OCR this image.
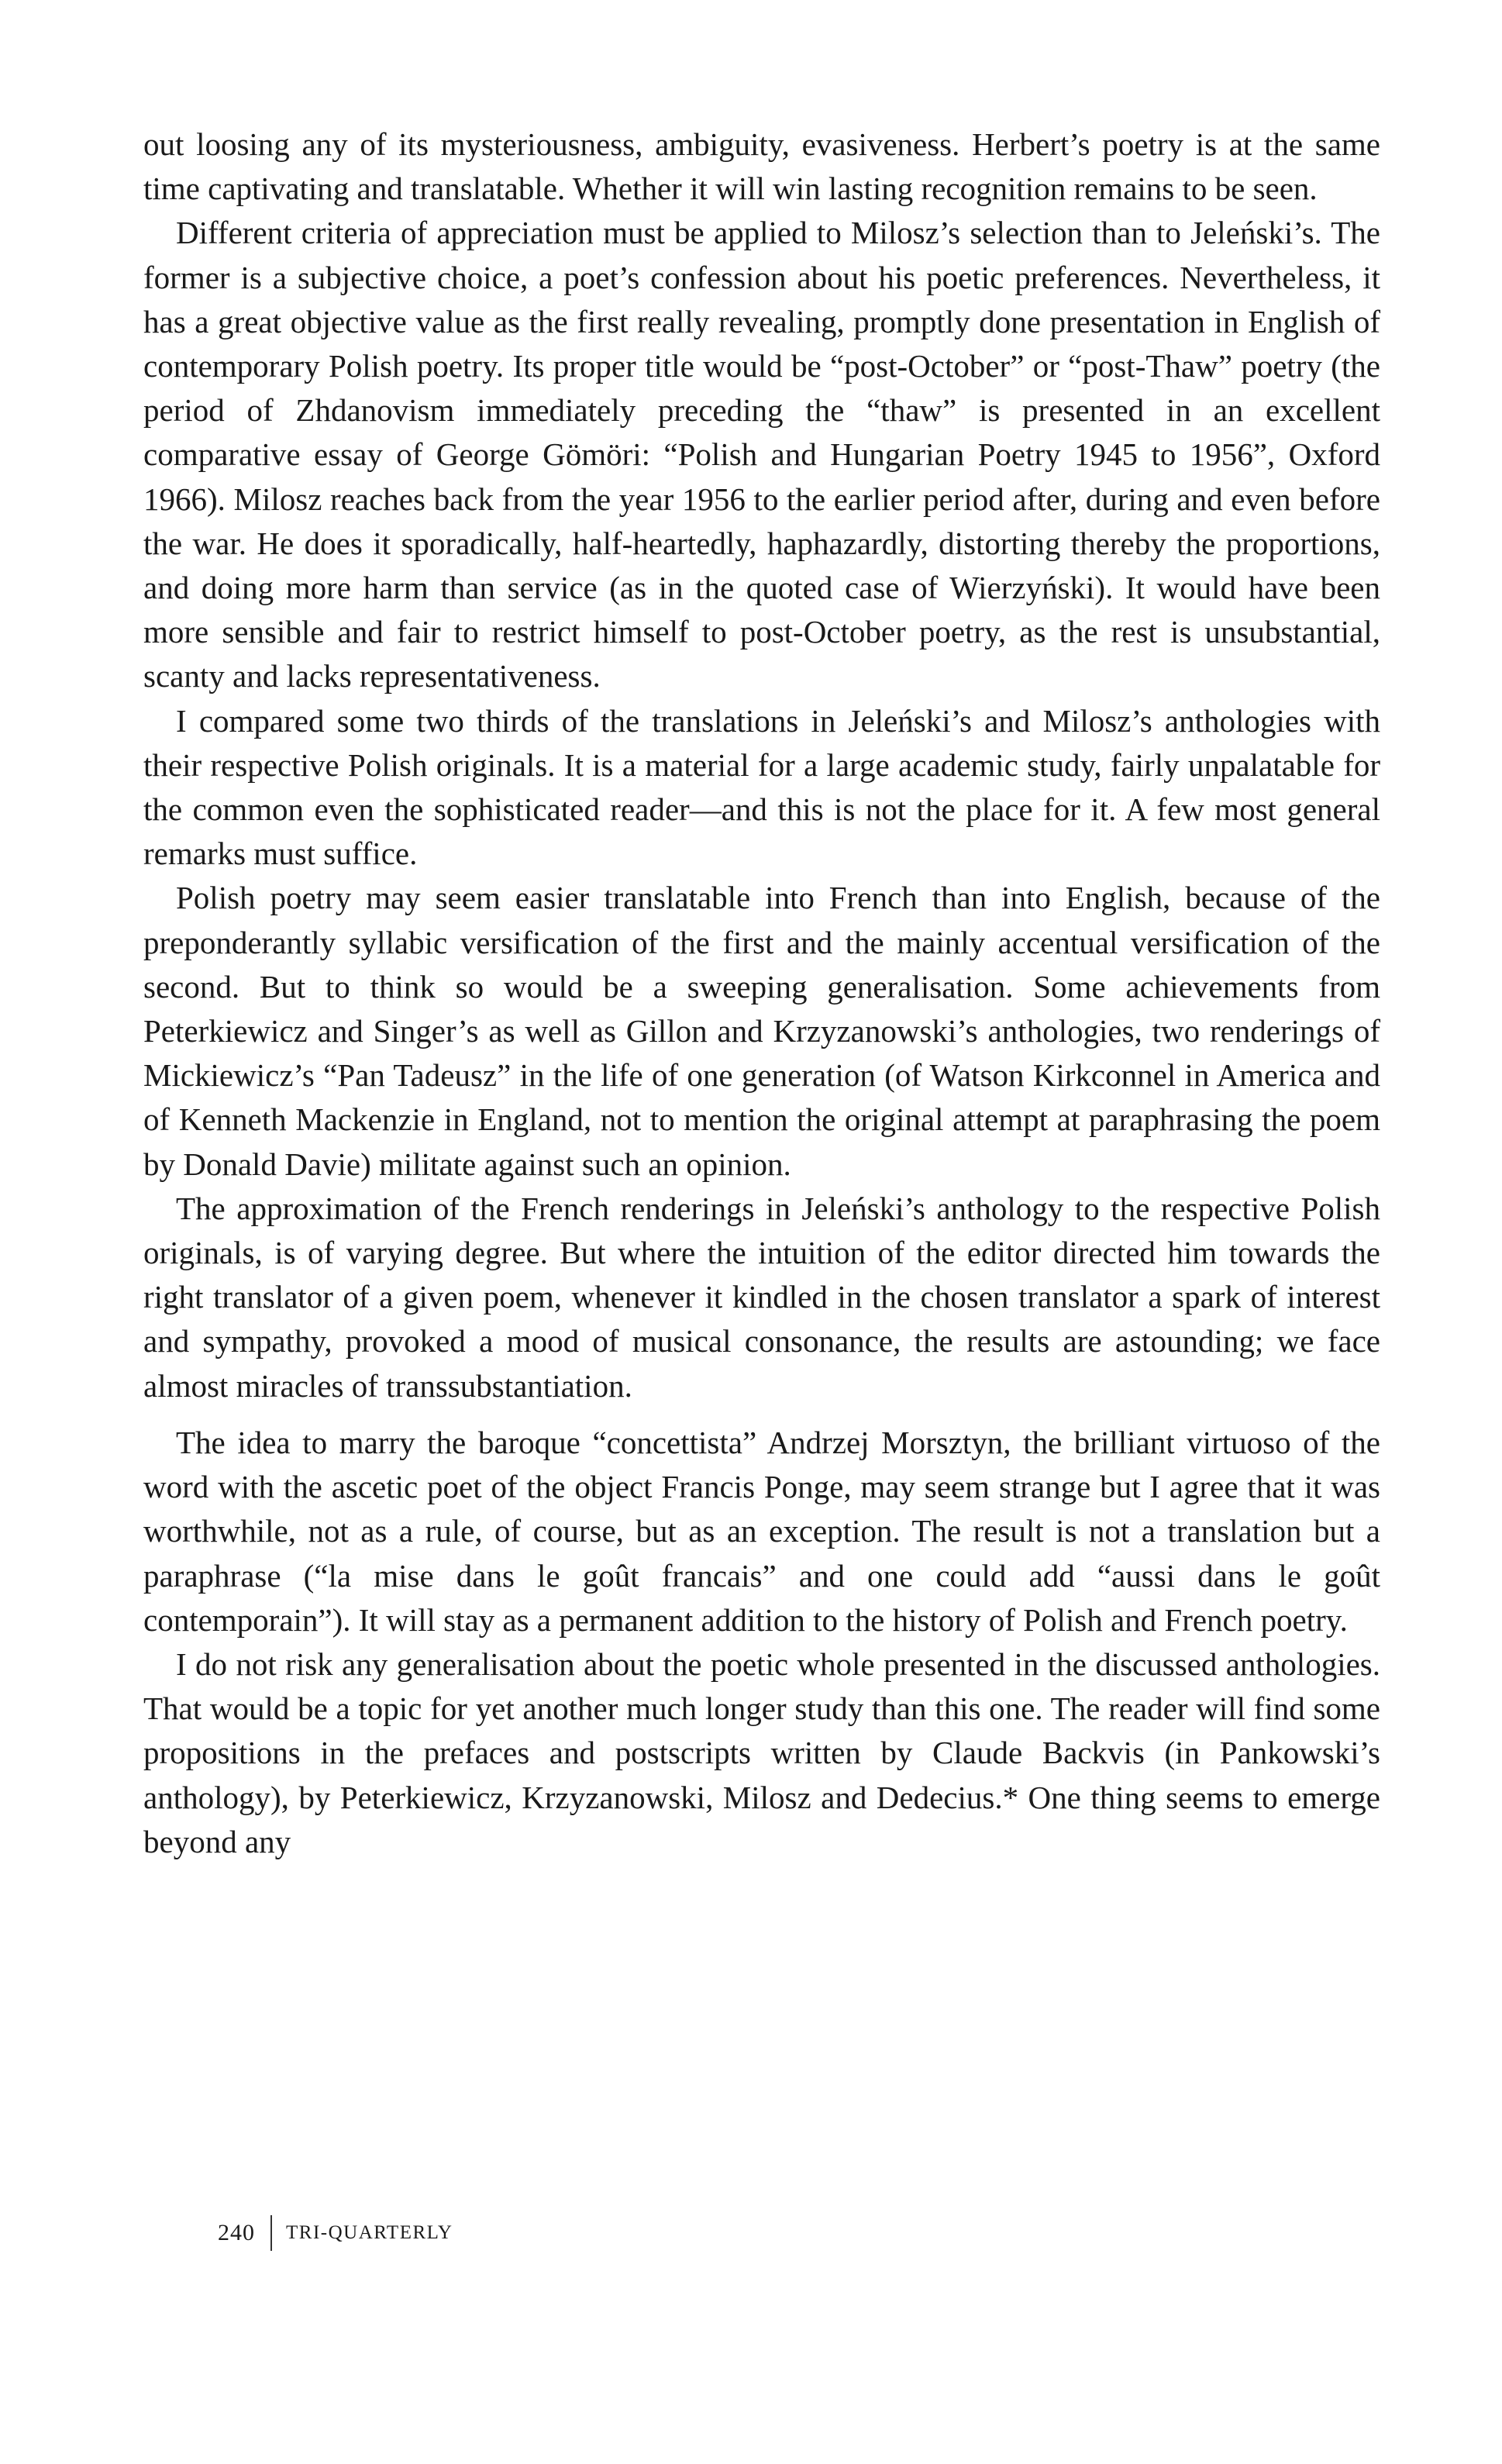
out loosing any of its mysteriousness, ambiguity, evasiveness. Herbert’s poetry is at the same time captivating and translatable. Whether it will win lasting recognition remains to be seen.

Different criteria of appreciation must be applied to Milosz’s selection than to Jeleński’s. The former is a subjective choice, a poet’s confession about his poetic preferences. Nevertheless, it has a great objective value as the first really revealing, promptly done presentation in English of contemporary Polish poetry. Its proper title would be “post-October” or “post-Thaw” poetry (the period of Zhdanovism immediately preceding the “thaw” is presented in an excellent comparative essay of George Gömöri: “Polish and Hungarian Poetry 1945 to 1956”, Oxford 1966). Milosz reaches back from the year 1956 to the earlier period after, during and even before the war. He does it sporadically, half-heartedly, haphazardly, distorting thereby the proportions, and doing more harm than service (as in the quoted case of Wierzyński). It would have been more sensible and fair to restrict himself to post-October poetry, as the rest is unsubstantial, scanty and lacks representativeness.

I compared some two thirds of the translations in Jeleński’s and Milosz’s anthologies with their respective Polish originals. It is a material for a large academic study, fairly unpalatable for the common even the sophisticated reader—and this is not the place for it. A few most general remarks must suffice.

Polish poetry may seem easier translatable into French than into English, because of the preponderantly syllabic versification of the first and the mainly accentual versification of the second. But to think so would be a sweeping generalisation. Some achievements from Peterkiewicz and Singer’s as well as Gillon and Krzyzanowski’s anthologies, two renderings of Mickiewicz’s “Pan Tadeusz” in the life of one generation (of Watson Kirkconnel in America and of Kenneth Mackenzie in England, not to mention the original attempt at paraphrasing the poem by Donald Davie) militate against such an opinion.

The approximation of the French renderings in Jeleński’s anthology to the respective Polish originals, is of varying degree. But where the intuition of the editor directed him towards the right translator of a given poem, whenever it kindled in the chosen translator a spark of interest and sympathy, provoked a mood of musical consonance, the results are astounding; we face almost miracles of transsubstantiation.

The idea to marry the baroque “concettista” Andrzej Morsztyn, the brilliant virtuoso of the word with the ascetic poet of the object Francis Ponge, may seem strange but I agree that it was worthwhile, not as a rule, of course, but as an exception. The result is not a translation but a paraphrase (“la mise dans le goût francais” and one could add “aussi dans le goût contemporain”). It will stay as a permanent addition to the history of Polish and French poetry.

I do not risk any generalisation about the poetic whole presented in the discussed anthologies. That would be a topic for yet another much longer study than this one. The reader will find some propositions in the prefaces and postscripts written by Claude Backvis (in Pankowski’s anthology), by Peterkiewicz, Krzyzanowski, Milosz and Dedecius.* One thing seems to emerge beyond any

240 TRI-QUARTERLY
